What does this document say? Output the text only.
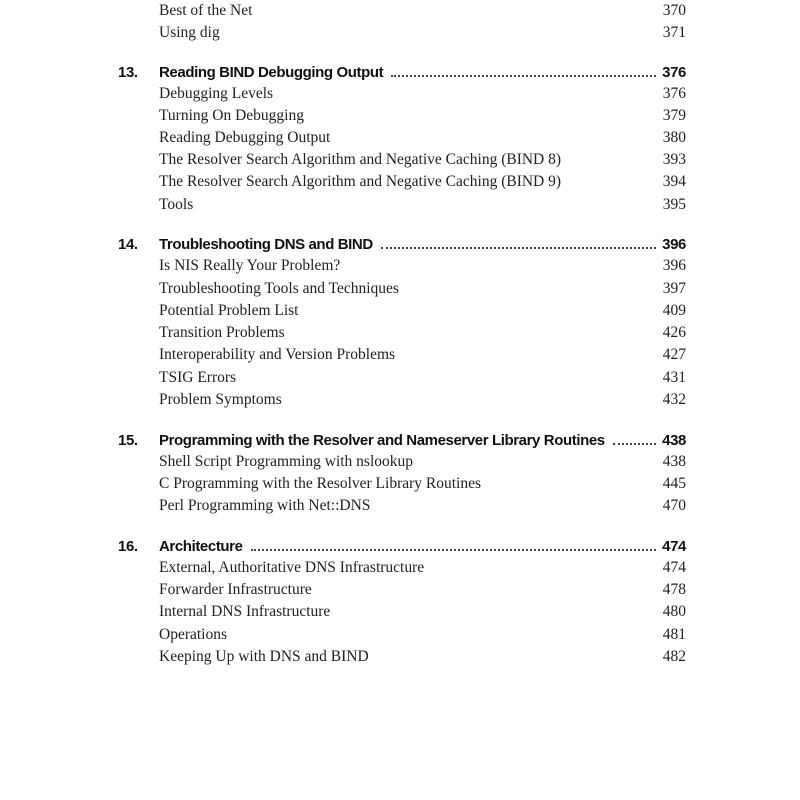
Best of the Net	370
Using dig	371
13.	Reading BIND Debugging Output	376
Debugging Levels	376
Turning On Debugging	379
Reading Debugging Output	380
The Resolver Search Algorithm and Negative Caching (BIND 8)	393
The Resolver Search Algorithm and Negative Caching (BIND 9)	394
Tools	395
14.	Troubleshooting DNS and BIND	396
Is NIS Really Your Problem?	396
Troubleshooting Tools and Techniques	397
Potential Problem List	409
Transition Problems	426
Interoperability and Version Problems	427
TSIG Errors	431
Problem Symptoms	432
15.	Programming with the Resolver and Nameserver Library Routines	438
Shell Script Programming with nslookup	438
C Programming with the Resolver Library Routines	445
Perl Programming with Net::DNS	470
16.	Architecture	474
External, Authoritative DNS Infrastructure	474
Forwarder Infrastructure	478
Internal DNS Infrastructure	480
Operations	481
Keeping Up with DNS and BIND	482
